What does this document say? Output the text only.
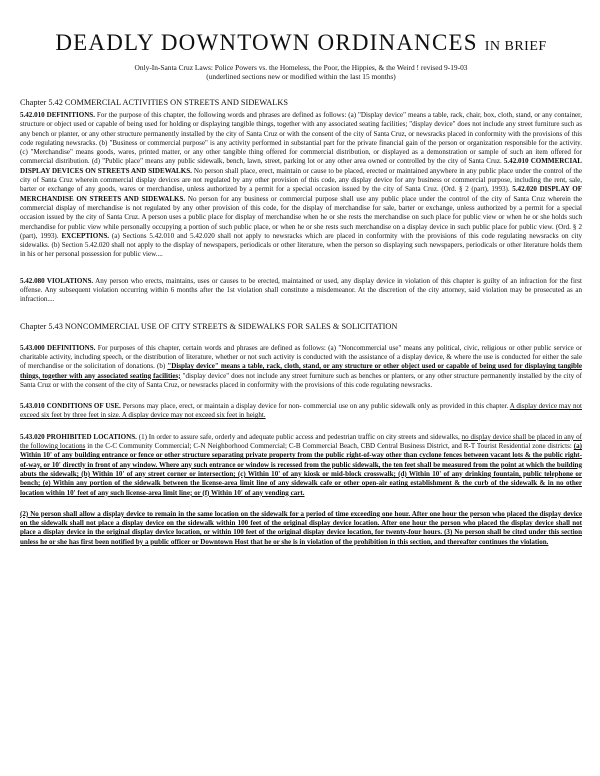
DEADLY DOWNTOWN ORDINANCES IN BRIEF
Only-In-Santa Cruz Laws: Police Powers vs. the Homeless, the Poor, the Hippies, & the Weird ! revised 9-19-03
(underlined sections new or modified within the last 15 months)
Chapter 5.42 COMMERCIAL ACTIVITIES ON STREETS AND SIDEWALKS

5.42.010 DEFINITIONS. For the purpose of this chapter, the following words and phrases are defined as follows: (a) "Display device" means a table, rack, chair, box, cloth, stand, or any container, structure or object used or capable of being used for holding or displaying tangible things, together with any associated seating facilities; "display device" does not include any street furniture such as any bench or planter, or any other structure permanently installed by the city of Santa Cruz or with the consent of the city of Santa Cruz, or newsracks placed in conformity with the provisions of this code regulating newsracks. (b) "Business or commercial purpose" is any activity performed in substantial part for the private financial gain of the person or organization responsible for the activity. (c) "Merchandise" means goods, wares, printed matter, or any other tangible thing offered for commercial distribution, or displayed as a demonstration or sample of such an item offered for commercial distribution. (d) "Public place" means any public sidewalk, bench, lawn, street, parking lot or any other area owned or controlled by the city of Santa Cruz. 5.42.010 COMMERCIAL DISPLAY DEVICES ON STREETS AND SIDEWALKS. No person shall place, erect, maintain or cause to be placed, erected or maintained anywhere in any public place under the control of the city of Santa Cruz wherein commercial display devices are not regulated by any other provision of this code, any display device for any business or commercial purpose, including the rent, sale, barter or exchange of any goods, wares or merchandise, unless authorized by a permit for a special occasion issued by the city of Santa Cruz. (Ord. § 2 (part), 1993). 5.42.020 DISPLAY OF MERCHANDISE ON STREETS AND SIDEWALKS. No person for any business or commercial purpose shall use any public place under the control of the city of Santa Cruz wherein the commercial display of merchandise is not regulated by any other provision of this code, for the display of merchandise for sale, barter or exchange, unless authorized by a permit for a special occasion issued by the city of Santa Cruz. A person uses a public place for display of merchandise when he or she rests the merchandise on such place for public view or when he or she holds such merchandise for public view while personally occupying a portion of such public place, or when he or she rests such merchandise on a display device in such public place for public view. (Ord. § 2 (part), 1993). EXCEPTIONS. (a) Sections 5.42.010 and 5.42.020 shall not apply to newsracks which are placed in conformity with the provisions of this code regulating newsracks on city sidewalks. (b) Section 5.42.020 shall not apply to the display of newspapers, periodicals or other literature, when the person so displaying such newspapers, periodicals or other literature holds them in his or her personal possession for public view....

5.42.080 VIOLATIONS. Any person who erects, maintains, uses or causes to be erected, maintained or used, any display device in violation of this chapter is guilty of an infraction for the first offense. Any subsequent violation occurring within 6 months after the 1st violation shall constitute a misdemeanor. At the discretion of the city attorney, said violation may be prosecuted as an infraction....

Chapter 5.43 NONCOMMERCIAL USE OF CITY STREETS & SIDEWALKS FOR SALES & SOLICITATION

5.43.000 DEFINITIONS. For purposes of this chapter, certain words and phrases are defined as follows: (a) "Noncommercial use" means any political, civic, religious or other public service or charitable activity, including speech, or the distribution of literature, whether or not such activity is conducted with the assistance of a display device, & where the use is conducted for either the sale of merchandise or the solicitation of donations. (b) "Display device" means a table, rack, cloth, stand, or any structure or other object used or capable of being used for displaying tangible things, together with any associated seating facilities; "display device" does not include any street furniture such as benches or planters, or any other structure permanently installed by the city of Santa Cruz or with the consent of the city of Santa Cruz, or newsracks placed in conformity with the provisions of this code regulating newsracks.

5.43.010 CONDITIONS OF USE. Persons may place, erect, or maintain a display device for non- commercial use on any public sidewalk only as provided in this chapter. A display device may not exceed six feet by three feet in size. A display device may not exceed six feet in height.

5.43.020 PROHIBITED LOCATIONS. (1) In order to assure safe, orderly and adequate public access and pedestrian traffic on city streets and sidewalks, no display device shall be placed in any of the following locations in the C-C Community Commercial; C-N Neighborhood Commercial; C-B Commercial Beach, CBD Central Business District, and R-T Tourist Residential zone districts: (a) Within 10' of any building entrance or fence or other structure separating private property from the public right-of-way other than cyclone fences between vacant lots & the public right-of-way, or 10' directly in front of any window. Where any such entrance or window is recessed from the public sidewalk, the ten feet shall be measured from the point at which the building abuts the sidewalk; (b) Within 10' of any street corner or intersection; (c) Within 10' of any kiosk or mid-block crosswalk; (d) Within 10' of any drinking fountain, public telephone or bench; (e) Within any portion of the sidewalk between the license-area limit line of any sidewalk cafe or other open-air eating establishment & the curb of the sidewalk & in no other location within 10' feet of any such license-area limit line; or (f) Within 10' of any vending cart.

(2) No person shall allow a display device to remain in the same location on the sidewalk for a period of time exceeding one hour. After one hour the person who placed the display device on the sidewalk shall not place a display device on the sidewalk within 100 feet of the original display device location. After one hour the person who placed the display device shall not place a display device in the original display device location, or within 100 feet of the original display device location, for twenty-four hours. (3) No person shall be cited under this section unless he or she has first been notified by a public officer or Downtown Host that he or she is in violation of the prohibition in this section, and thereafter continues the violation.
